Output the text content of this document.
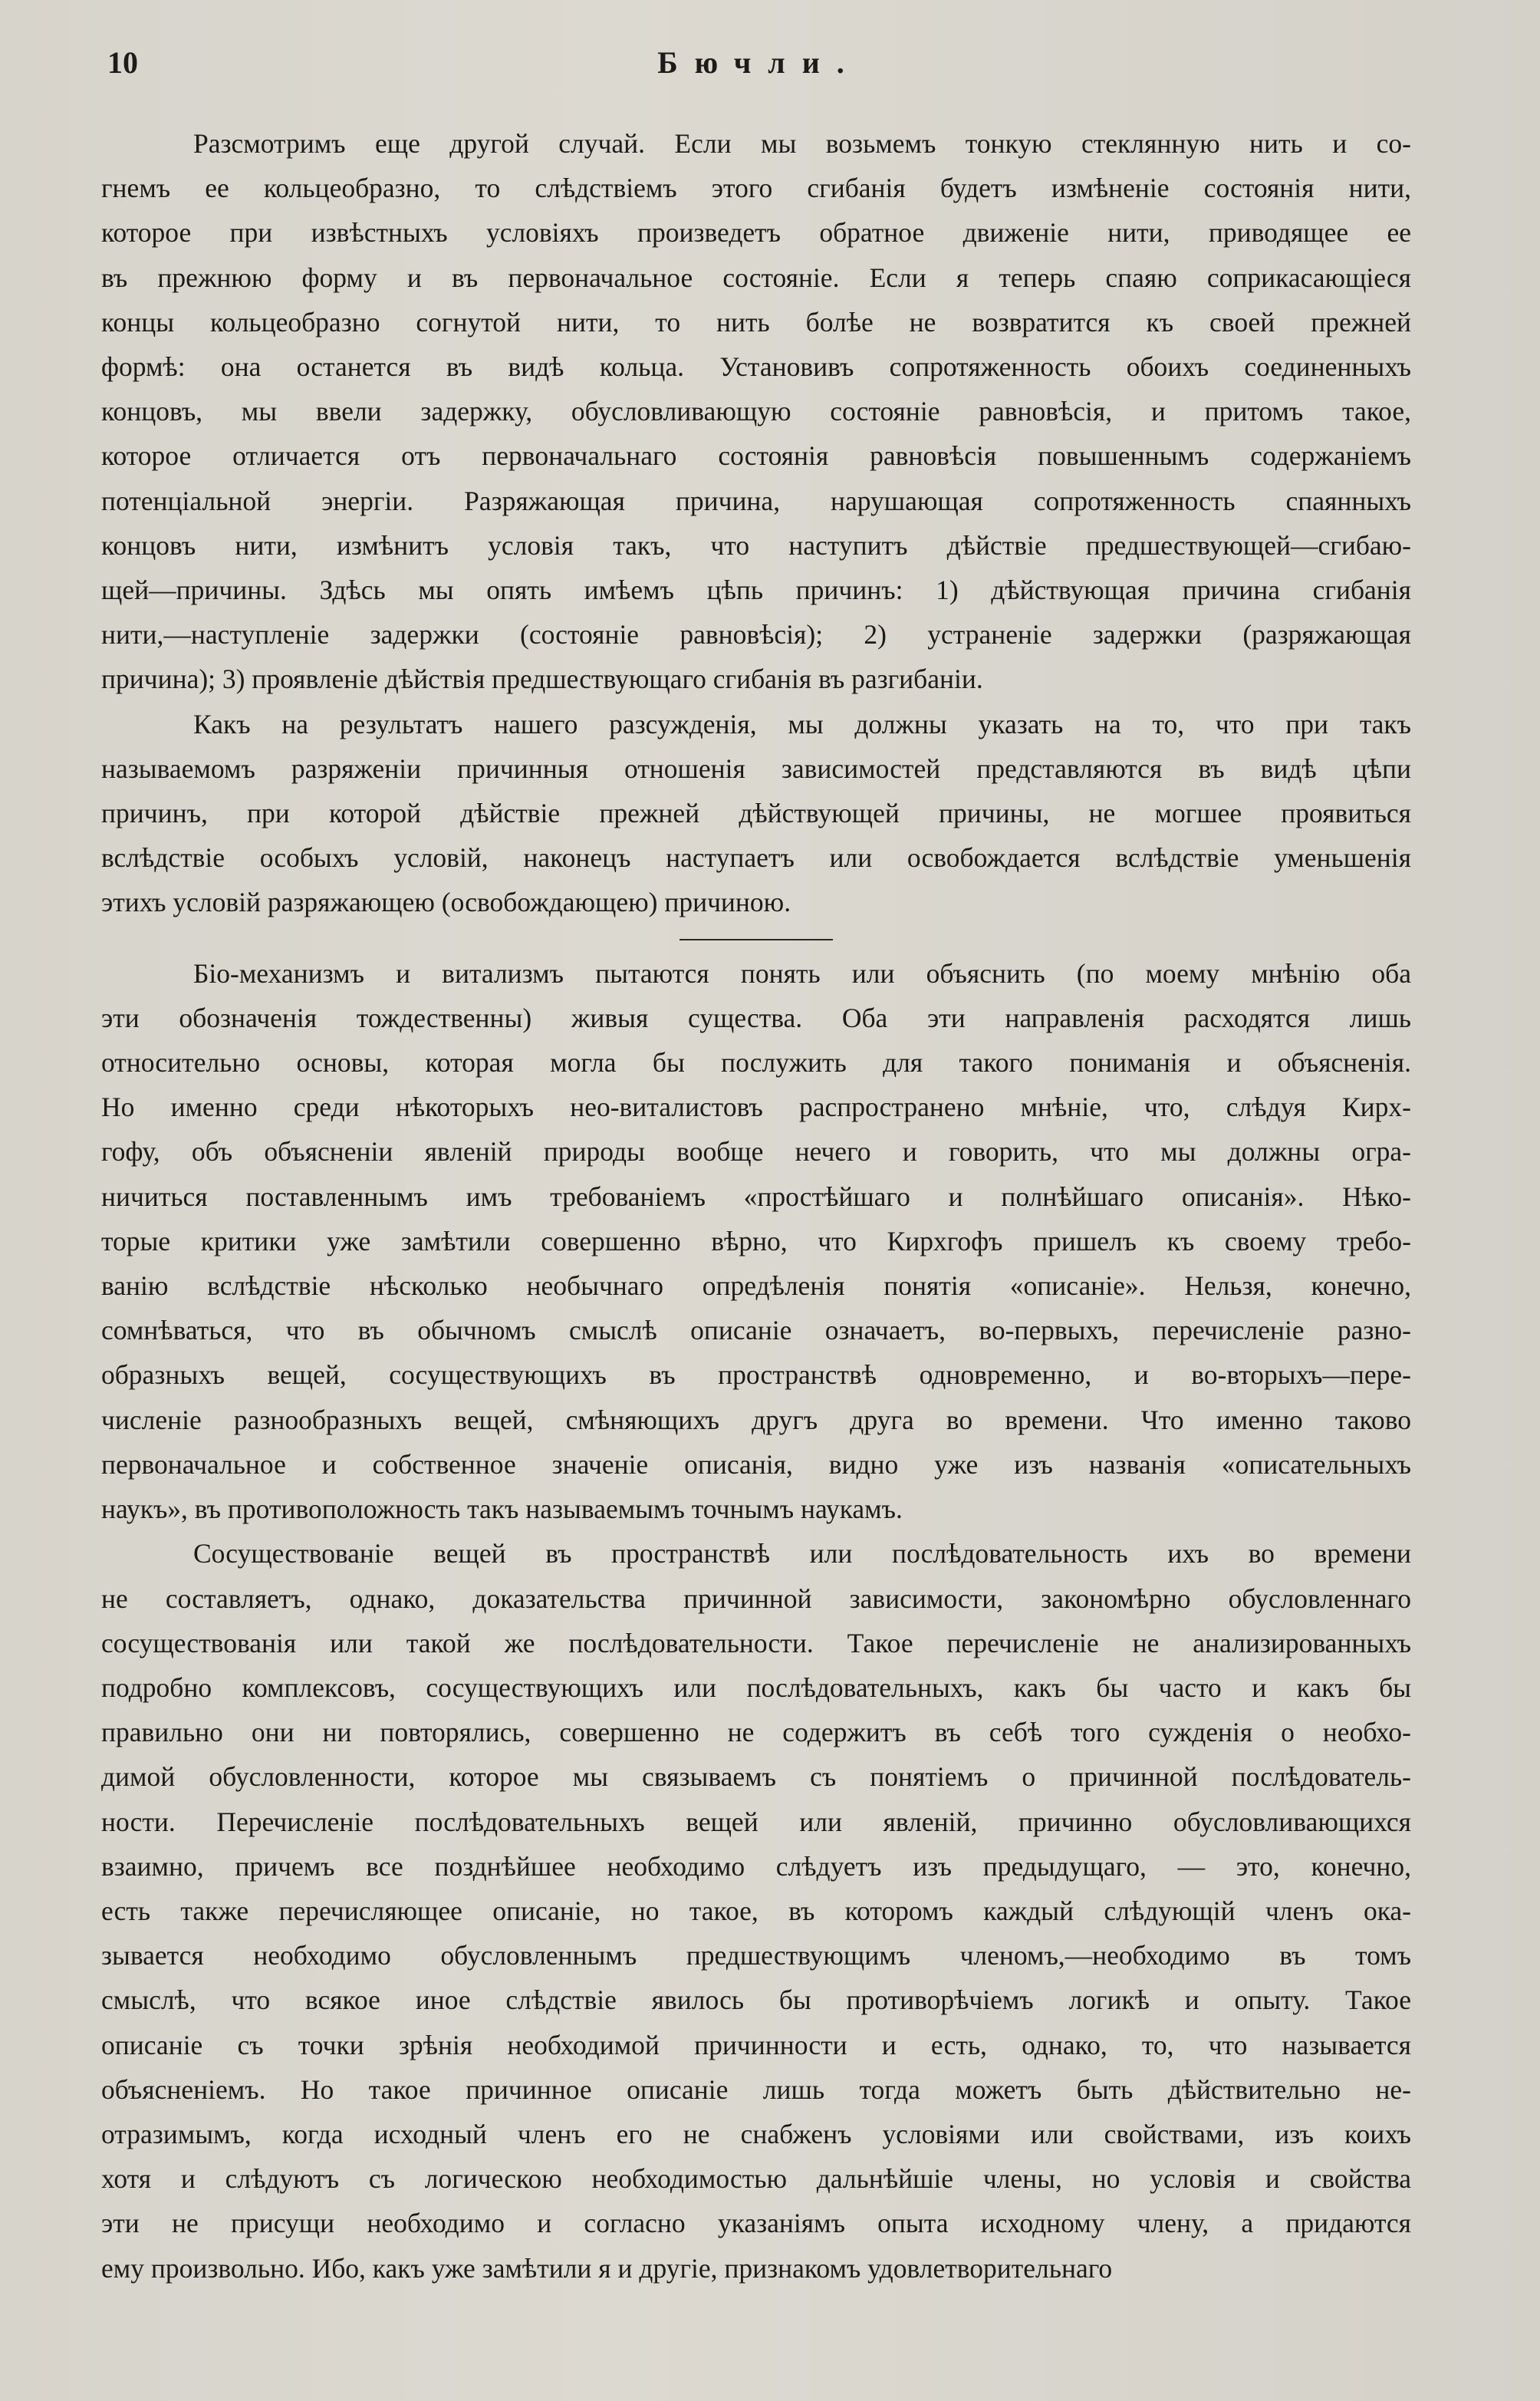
10	Бючли.
Разсмотримъ еще другой случай. Если мы возьмемъ тонкую стеклянную нить и со-
гнемъ ее кольцеобразно, то слѣдствіемъ этого сгибанія будетъ измѣненіе состоянія нити,
которое при извѣстныхъ условіяхъ произведетъ обратное движеніе нити, приводящее ее
въ прежнюю форму и въ первоначальное состояніе. Если я теперь спаяю соприкасающіеся
концы кольцеобразно согнутой нити, то нить болѣе не возвратится къ своей прежней
формѣ: она останется въ видѣ кольца. Установивъ сопротяженность обоихъ соединенныхъ
концовъ, мы ввели задержку, обусловливающую состояніе равновѣсія, и притомъ такое,
которое отличается отъ первоначальнаго состоянія равновѣсія повышеннымъ содержаніемъ
потенціальной энергіи. Разряжающая причина, нарушающая сопротяженность спаянныхъ
концовъ нити, измѣнитъ условія такъ, что наступитъ дѣйствіе предшествующей—сгибаю-
щей—причины. Здѣсь мы опять имѣемъ цѣпь причинъ: 1) дѣйствующая причина сгибанія
нити,—наступленіе задержки (состояніе равновѣсія); 2) устраненіе задержки (разряжающая
причина); 3) проявленіе дѣйствія предшествующаго сгибанія въ разгибаніи.
Какъ на результатъ нашего разсужденія, мы должны указать на то, что при такъ
называемомъ разряженіи причинныя отношенія зависимостей представляются въ видѣ цѣпи
причинъ, при которой дѣйствіе прежней дѣйствующей причины, не могшее проявиться
вслѣдствіе особыхъ условій, наконецъ наступаетъ или освобождается вслѣдствіе уменьшенія
этихъ условій разряжающею (освобождающею) причиною.
Біо-механизмъ и витализмъ пытаются понять или объяснить (по моему мнѣнію оба
эти обозначенія тождественны) живыя существа. Оба эти направленія расходятся лишь
относительно основы, которая могла бы послужить для такого пониманія и объясненія.
Но именно среди нѣкоторыхъ нео-виталистовъ распространено мнѣніе, что, слѣдуя Кирх-
гофу, объ объясненіи явленій природы вообще нечего и говорить, что мы должны огра-
ничиться поставленнымъ имъ требованіемъ «простѣйшаго и полнѣйшаго описанія». Нѣко-
торые критики уже замѣтили совершенно вѣрно, что Кирхгофъ пришелъ къ своему требо-
ванію вслѣдствіе нѣсколько необычнаго опредѣленія понятія «описаніе». Нельзя, конечно,
сомнѣваться, что въ обычномъ смыслѣ описаніе означаетъ, во-первыхъ, перечисленіе разно-
образныхъ вещей, сосуществующихъ въ пространствѣ одновременно, и во-вторыхъ—пере-
численіе разнообразныхъ вещей, смѣняющихъ другъ друга во времени. Что именно таково
первоначальное и собственное значеніе описанія, видно уже изъ названія «описательныхъ
наукъ», въ противоположность такъ называемымъ точнымъ наукамъ.
Сосуществованіе вещей въ пространствѣ или послѣдовательность ихъ во времени
не составляетъ, однако, доказательства причинной зависимости, закономѣрно обусловленнаго
сосуществованія или такой же послѣдовательности. Такое перечисленіе не анализированныхъ
подробно комплексовъ, сосуществующихъ или послѣдовательныхъ, какъ бы часто и какъ бы
правильно они ни повторялись, совершенно не содержитъ въ себѣ того сужденія о необхо-
димой обусловленности, которое мы связываемъ съ понятіемъ о причинной послѣдователь-
ности. Перечисленіе послѣдовательныхъ вещей или явленій, причинно обусловливающихся
взаимно, причемъ все позднѣйшее необходимо слѣдуетъ изъ предыдущаго, — это, конечно,
есть также перечисляющее описаніе, но такое, въ которомъ каждый слѣдующій членъ ока-
зывается необходимо обусловленнымъ предшествующимъ членомъ,—необходимо въ томъ
смыслѣ, что всякое иное слѣдствіе явилось бы противорѣчіемъ логикѣ и опыту. Такое
описаніе съ точки зрѣнія необходимой причинности и есть, однако, то, что называется
объясненіемъ. Но такое причинное описаніе лишь тогда можетъ быть дѣйствительно не-
отразимымъ, когда исходный членъ его не снабженъ условіями или свойствами, изъ коихъ
хотя и слѣдуютъ съ логическою необходимостью дальнѣйшіе члены, но условія и свойства
эти не присущи необходимо и согласно указаніямъ опыта исходному члену, а придаются
ему произвольно. Ибо, какъ уже замѣтили я и другіе, признакомъ удовлетворительнаго
